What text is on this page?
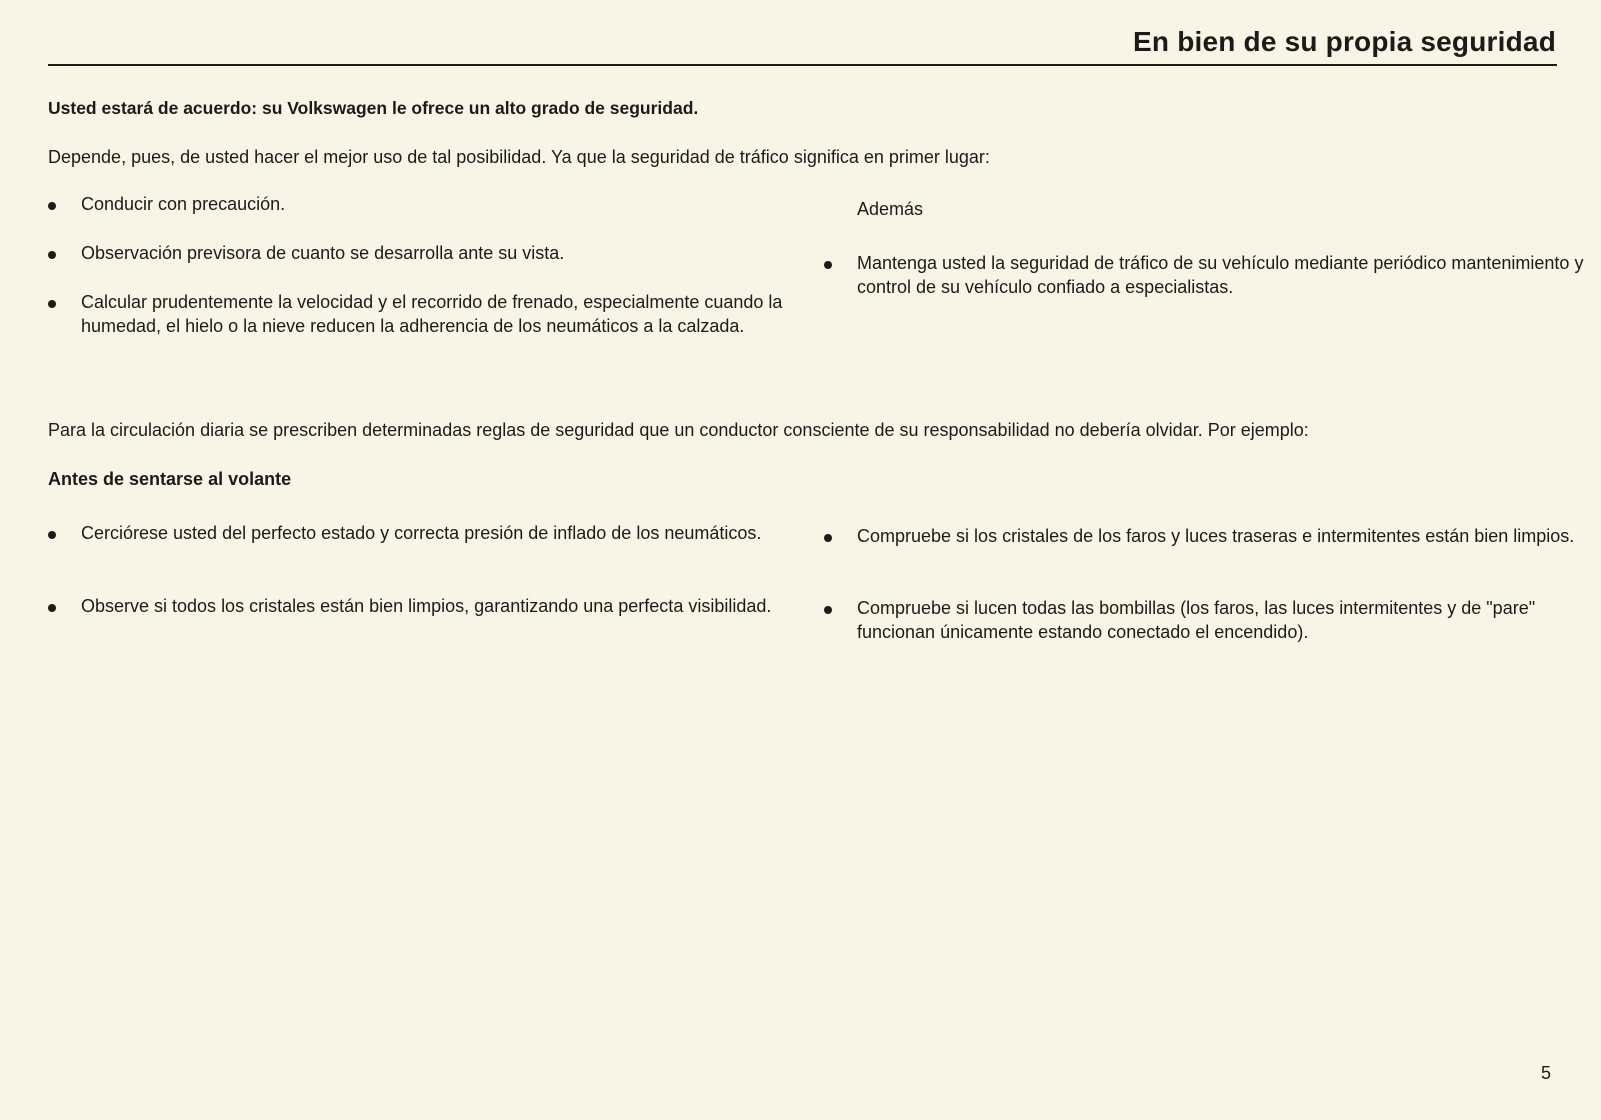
En bien de su propia seguridad
Usted estará de acuerdo: su Volkswagen le ofrece un alto grado de seguridad.
Depende, pues, de usted hacer el mejor uso de tal posibilidad. Ya que la seguridad de tráfico significa en primer lugar:
Conducir con precaución.
Observación previsora de cuanto se desarrolla ante su vista.
Calcular prudentemente la velocidad y el recorrido de frenado, especialmente cuando la humedad, el hielo o la nieve reducen la adherencia de los neumáticos a la calzada.
Además
Mantenga usted la seguridad de tráfico de su vehículo mediante periódico mantenimiento y control de su vehículo confiado a especialistas.
Para la circulación diaria se prescriben determinadas reglas de seguridad que un conductor consciente de su responsabilidad no debería olvidar. Por ejemplo:
Antes de sentarse al volante
Cerciórese usted del perfecto estado y correcta presión de inflado de los neumáticos.
Observe si todos los cristales están bien limpios, garantizando una perfecta visibilidad.
Compruebe si los cristales de los faros y luces traseras e intermitentes están bien limpios.
Compruebe si lucen todas las bombillas (los faros, las luces intermitentes y de "pare" funcionan únicamente estando conectado el encendido).
5
